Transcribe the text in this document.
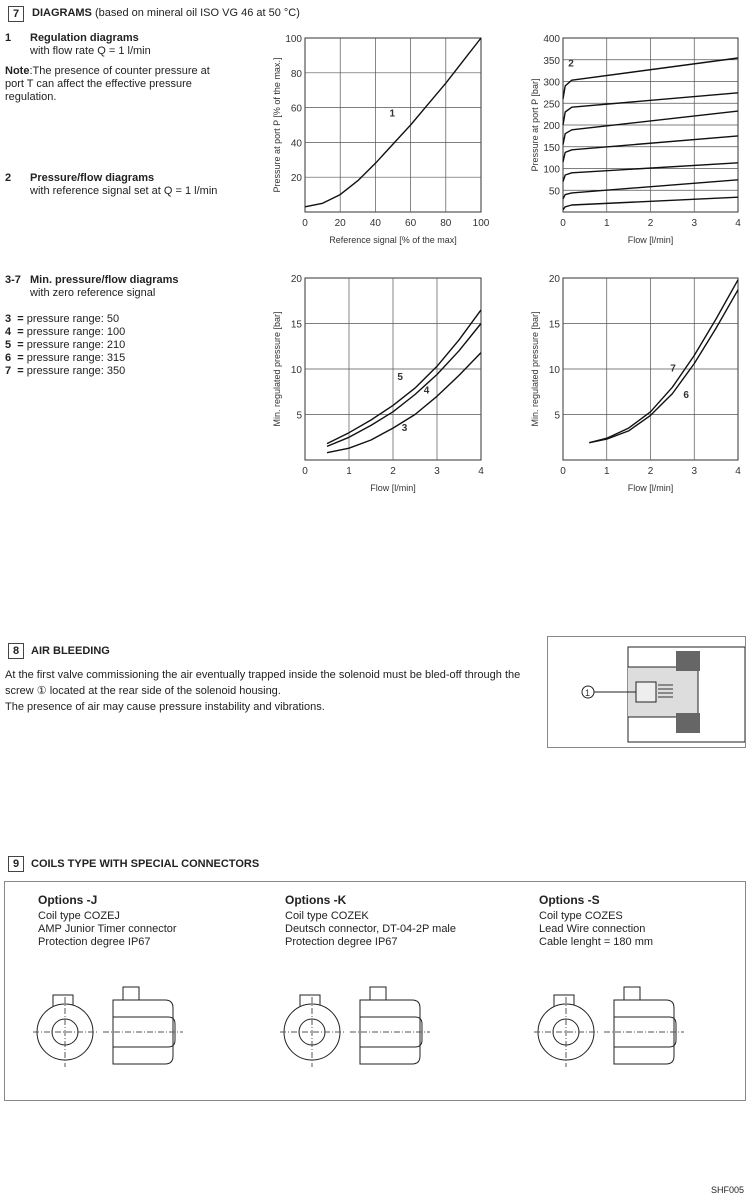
7	DIAGRAMS (based on mineral oil ISO VG 46 at 50 °C)
1 Regulation diagrams
with flow rate Q = 1 l/min
Note:The presence of counter pressure at port T can affect the effective pressure regulation.
2 Pressure/flow diagrams
with reference signal set at Q = 1 l/min
3-7 Min. pressure/flow diagrams
with zero reference signal
3 = pressure range: 50
4 = pressure range: 100
5 = pressure range: 210
6 = pressure range: 315
7 = pressure range: 350
0	20 40 60 80 100
20
40
60
80
100
Reference signal [% of the max]
Pressure at port P [% of the max.]	1
0	1	2	3	4
50
100
150
200
250
300
350
400
Flow [l/min]
Pressure at port P [bar]
2
0	1	2	3	4
5
10
15
20
Flow [l/min]
Min. regulated pressure [bar]	5
4
3
0	1	2	3	4
5
10
15
20
Flow [l/min]
Min. regulated pressure [bar]	7
6
8	AIR BLEEDING
At the first valve commissioning the air eventually trapped inside the solenoid must be bled-off through the screw ① located at the rear side of the solenoid housing.
The presence of air may cause pressure instability and vibrations.
1
9	COILS TYPE WITH SPECIAL CONNECTORS
Options -J
Coil type COZEJ
AMP Junior Timer connector
Protection degree IP67
Options -K
Coil type COZEK
Deutsch connector, DT-04-2P male
Protection degree IP67
Options -S
Coil type COZES
Lead Wire connection
Cable lenght = 180 mm
SHF005
